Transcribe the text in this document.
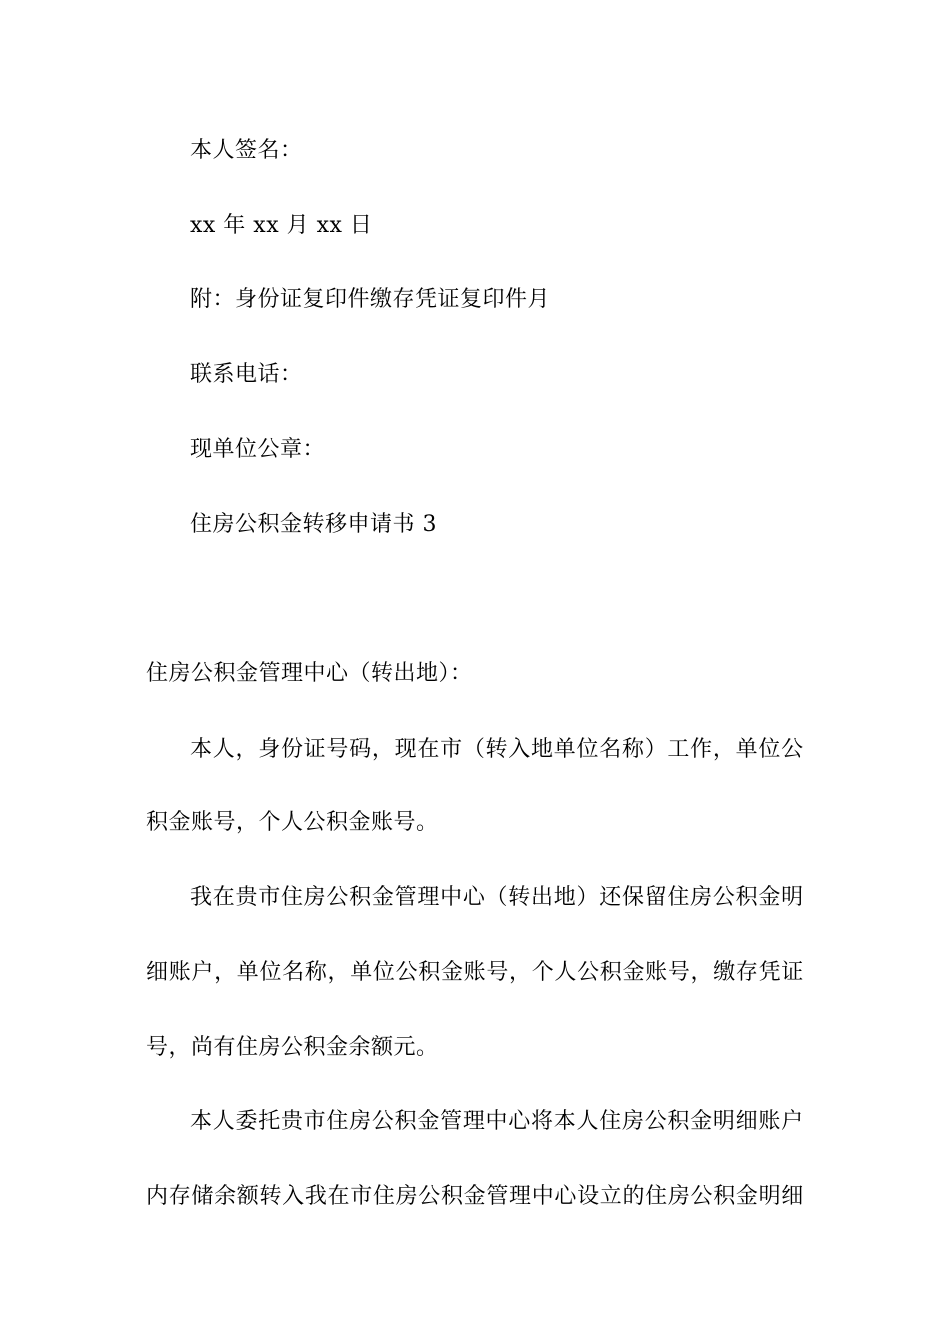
本人签名：
xx 年 xx 月 xx 日
附：身份证复印件缴存凭证复印件月
联系电话：
现单位公章：
住房公积金转移申请书 3
住房公积金管理中心（转出地）：
本 人 ， 身 份 证 号 码 ， 现 在 市 （ 转 入 地 单 位 名 称 ） 工 作 ， 单 位 公
积金账号，个人公积金账号。
我 在 贵 市 住 房 公 积 金 管 理 中 心 （ 转 出 地 ） 还 保 留 住 房 公 积 金 明
细 账 户 ， 单 位 名 称 ， 单 位 公 积 金 账 号 ， 个 人 公 积 金 账 号 ， 缴 存 凭 证
号，尚有住房公积金余额元。
本 人 委 托 贵 市 住 房 公 积 金 管 理 中 心 将 本 人 住 房 公 积 金 明 细 账 户
内 存 储 余 额 转 入 我 在 市 住 房 公 积 金 管 理 中 心 设 立 的 住 房 公 积 金 明 细
